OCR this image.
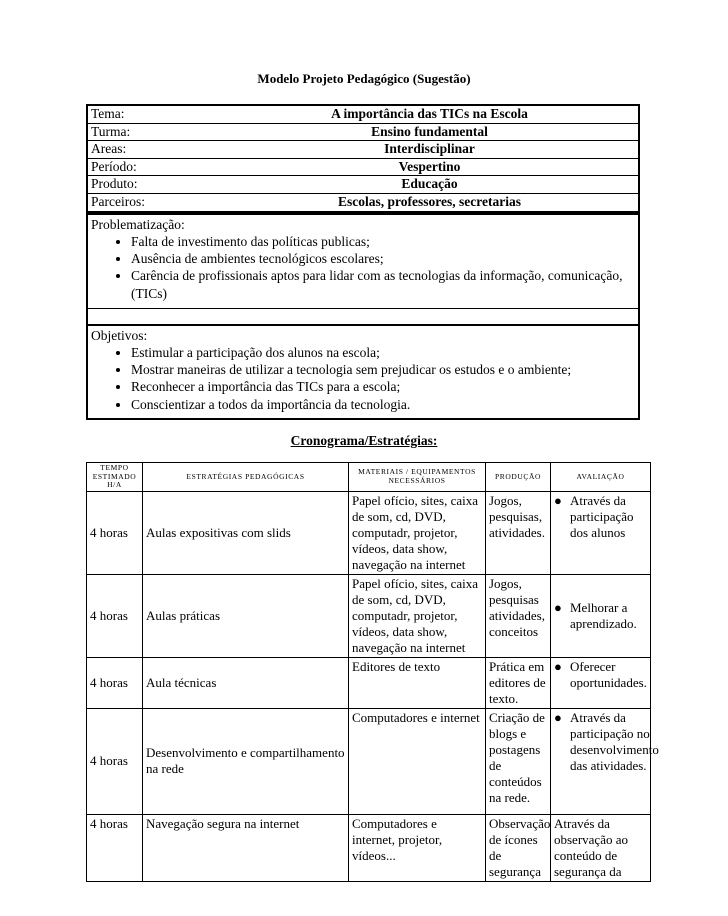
Modelo Projeto Pedagógico (Sugestão)
Tema:	A importância das TICs na Escola
Turma:	Ensino fundamental
Areas:	Interdisciplinar
Período:	Vespertino
Produto:	Educação
Parceiros:	Escolas, professores, secretarias
Problematização:
• Falta de investimento das políticas publicas;
• Ausência de ambientes tecnológicos escolares;
• Carência de profissionais aptos para lidar com as tecnologias da informação, comunicação, (TICs)
Objetivos:
• Estimular a participação dos alunos na escola;
• Mostrar maneiras de utilizar a tecnologia sem prejudicar os estudos e o ambiente;
• Reconhecer a importância das TICs para a escola;
• Conscientizar a todos da importância da tecnologia.
Cronograma/Estratégias:
TEMPO ESTIMADO H/A	ESTRATÉGIAS PEDAGÓGICAS	MATERIAIS / EQUIPAMENTOS NECESSÁRIOS	PRODUÇÃO	AVALIAÇÃO
4 horas	Aulas expositivas com slids	Papel ofício, sites, caixa de som, cd, DVD, computadr, projetor, vídeos, data show, navegação na internet	Jogos, pesquisas, atividades.	● Através da participação dos alunos

4 horas	Aulas práticas	Papel ofício, sites, caixa de som, cd, DVD, computadr, projetor, vídeos, data show, navegação na internet	Jogos, pesquisas atividades, conceitos	● Melhorar a aprendizado.

4 horas	Aula técnicas	Editores de texto	Prática em editores de texto.	● Oferecer oportunidades.

4 horas	Desenvolvimento e compartilhamento na rede	Computadores e internet	Criação de blogs e postagens de conteúdos na rede.	● Através da participação no desenvolvimento das atividades.

4 horas	Navegação segura na internet	Computadores e internet, projetor, vídeos...	Observação de ícones de segurança	Através da observação ao conteúdo de segurança da
